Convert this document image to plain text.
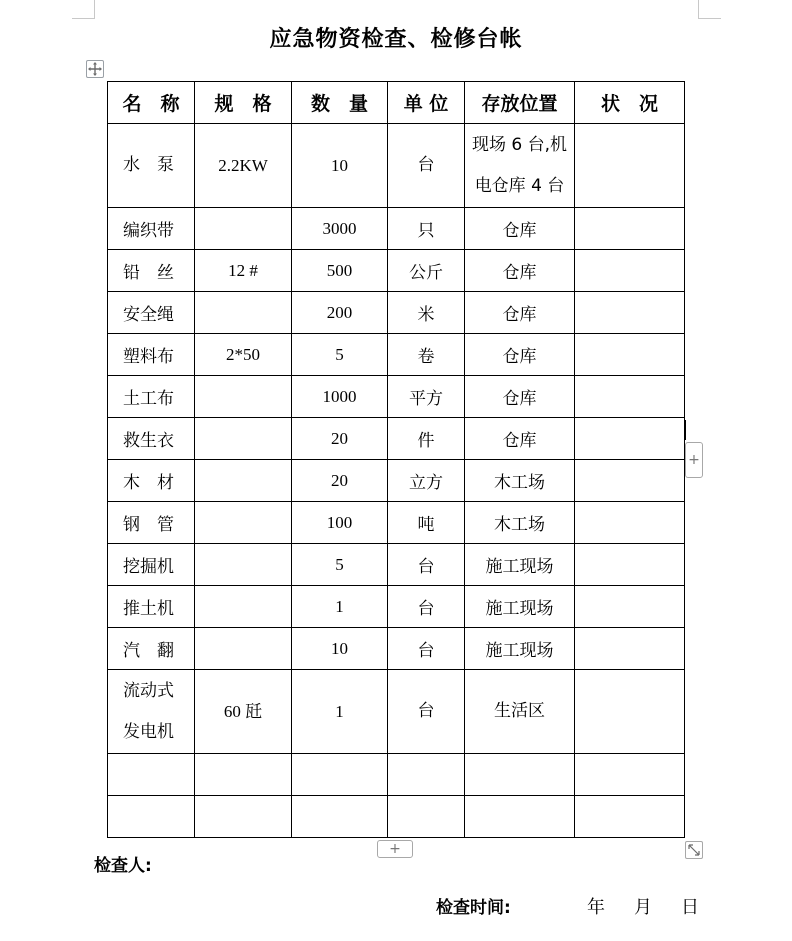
应急物资检查、检修台帐
名　称	规　格	数　量	单 位	存放位置	状　况
水　泵	2.2KW	10	台	现场 6 台,机
电仓库 4 台	

编织带		3000	只	仓库	
铅　丝	12 #	500	公斤	仓库	
安全绳		200	米	仓库	
塑料布	2*50	5	卷	仓库	
土工布		1000	平方	仓库	
救生衣		20	件	仓库	
木　材		20	立方	木工场	
钢　管		100	吨	木工场	
挖掘机		5	台	施工现场	
推土机		1	台	施工现场	
汽　翻		10	台	施工现场	

流动式
发电机	60 瓩	1	台	生活区	

+
+
检查人:
检查时间:	年 月 日
